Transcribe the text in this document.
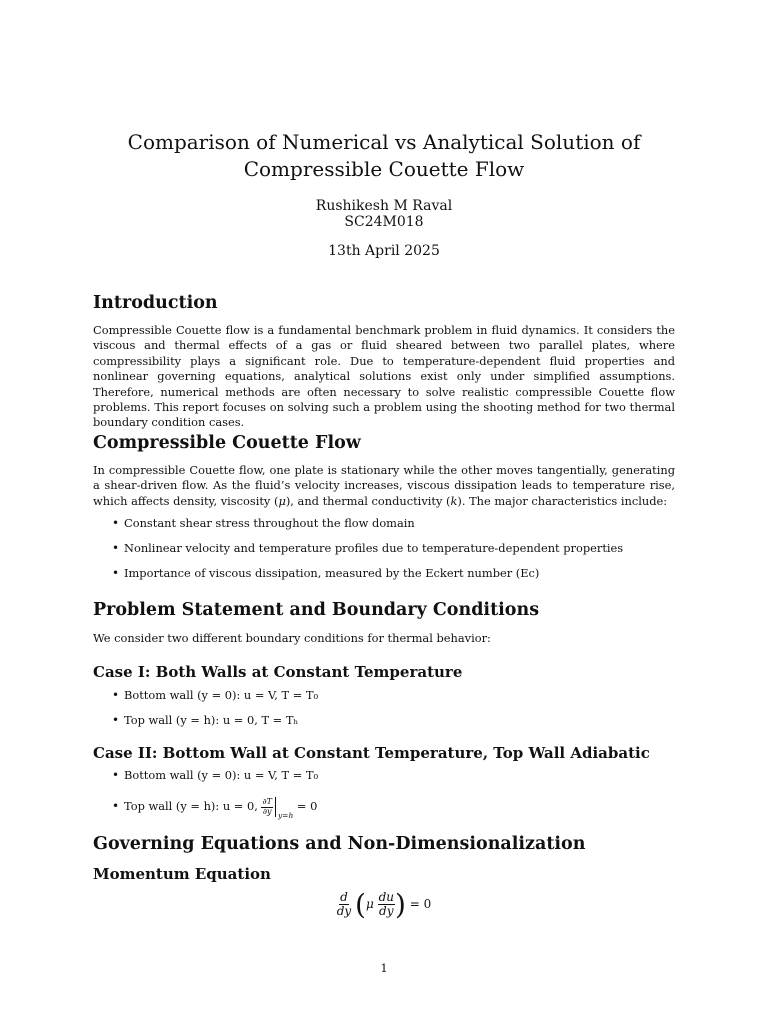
Comparison of Numerical vs Analytical Solution of Compressible Couette Flow
Rushikesh M Raval
SC24M018
13th April 2025
Introduction

Compressible Couette flow is a fundamental benchmark problem in fluid dynamics. It considers the viscous and thermal effects of a gas or fluid sheared between two parallel plates, where compressibility plays a significant role. Due to temperature-dependent fluid properties and nonlinear governing equations, analytical solutions exist only under simplified assumptions. Therefore, numerical methods are often necessary to solve realistic compressible Couette flow problems. This report focuses on solving such a problem using the shooting method for two thermal boundary condition cases.

Compressible Couette Flow

In compressible Couette flow, one plate is stationary while the other moves tangentially, generating a shear-driven flow. As the fluid’s velocity increases, viscous dissipation leads to temperature rise, which affects density, viscosity (μ), and thermal conductivity (k). The major characteristics include:

• Constant shear stress throughout the flow domain
• Nonlinear velocity and temperature profiles due to temperature-dependent properties
• Importance of viscous dissipation, measured by the Eckert number (Ec)
Problem Statement and Boundary Conditions

We consider two different boundary conditions for thermal behavior:

Case I: Both Walls at Constant Temperature
• Bottom wall (y = 0): u = V, T = T₀
• Top wall (y = h): u = 0, T = Tₕ
Case II: Bottom Wall at Constant Temperature, Top Wall Adiabatic
• Bottom wall (y = 0): u = V, T = T₀
• Top wall (y = h): u = 0, $\frac{\partial T}{\partial y} _{y=h} = 0$
Governing Equations and Non-Dimensionalization
Momentum Equation
$\frac{d}{dy} (\mu \frac{du}{dy}$ ) = 0
1
